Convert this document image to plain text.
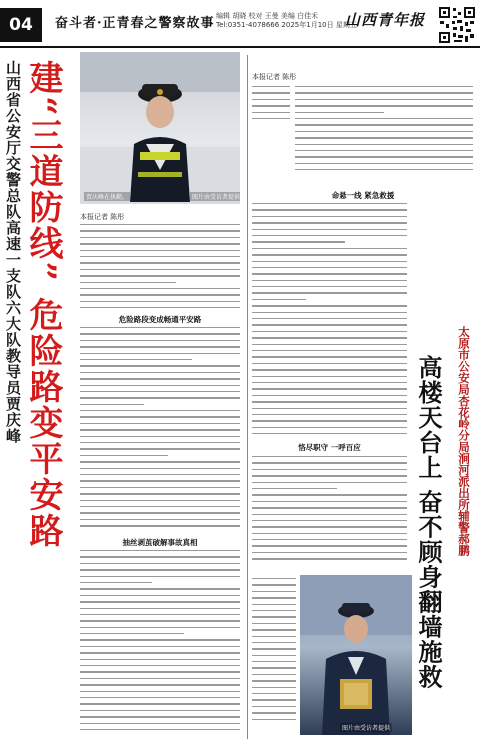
04	奋斗者·正青春之警察故事 编辑 胡晓 校对 王曼 美编 白佳禾
Tel:0351-4078666 2025年1月10日 星期五
山西青年报
山西省公安厅交警总队高速一支队六大队教导员贾庆峰 建“三道防线” 危险路变平安路	贾庆峰在执勤。	图片由受访者提供
本报记者 陈彤
危险路段变成畅通平安路
抽丝剥茧破解事故真相
本报记者 陈彤
命悬一线 紧急救援
恪尽职守 一呼百应	太原市公安局杏花岭分局涧河派出所辅警郝鹏
高楼天台上 奋不顾身翻墙施救
图片由受访者提供
